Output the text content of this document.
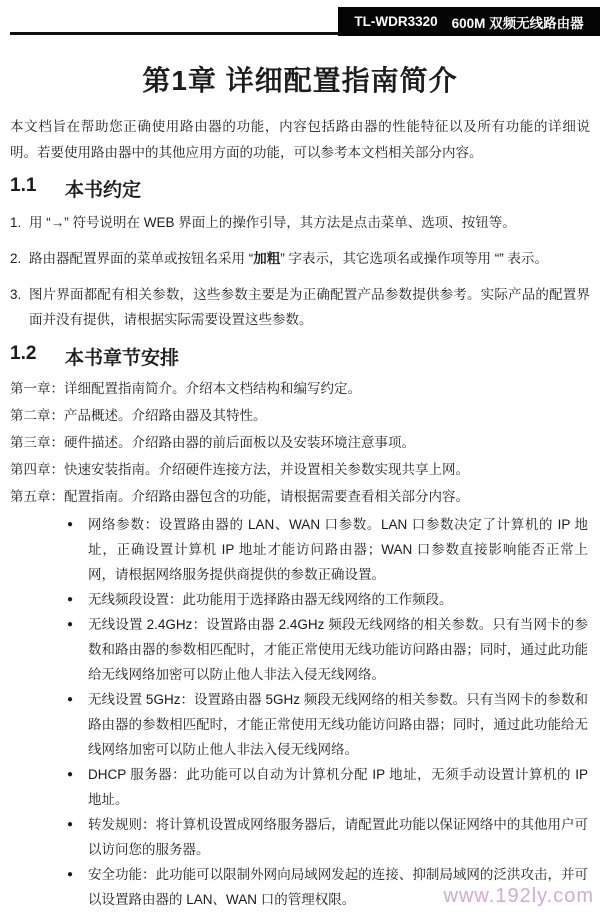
TL-WDR3320 600M 双频无线路由器
第1章 详细配置指南简介

本文档旨在帮助您正确使用路由器的功能，内容包括路由器的性能特征以及所有功能的详细说明。若要使用路由器中的其他应用方面的功能，可以参考本文档相关部分内容。

1.1	本书约定
1. 用 “→” 符号说明在 WEB 界面上的操作引导，其方法是点击菜单、选项、按钮等。
2. 路由器配置界面的菜单或按钮名采用 “加粗” 字表示，其它选项名或操作项等用 “” 表示。
3. 图片界面都配有相关参数，这些参数主要是为正确配置产品参数提供参考。实际产品的配置界面并没有提供，请根据实际需要设置这些参数。
1.2	本书章节安排

第一章：详细配置指南简介。介绍本文档结构和编写约定。

第二章：产品概述。介绍路由器及其特性。

第三章：硬件描述。介绍路由器的前后面板以及安装环境注意事项。

第四章：快速安装指南。介绍硬件连接方法，并设置相关参数实现共享上网。

第五章：配置指南。介绍路由器包含的功能，请根据需要查看相关部分内容。

● 网络参数：设置路由器的 LAN、WAN 口参数。LAN 口参数决定了计算机的 IP 地址，正确设置计算机 IP 地址才能访问路由器；WAN 口参数直接影响能否正常上网，请根据网络服务提供商提供的参数正确设置。
● 无线频段设置：此功能用于选择路由器无线网络的工作频段。
● 无线设置 2.4GHz：设置路由器 2.4GHz 频段无线网络的相关参数。只有当网卡的参数和路由器的参数相匹配时，才能正常使用无线功能访问路由器；同时，通过此功能给无线网络加密可以防止他人非法入侵无线网络。
● 无线设置 5GHz：设置路由器 5GHz 频段无线网络的相关参数。只有当网卡的参数和路由器的参数相匹配时，才能正常使用无线功能访问路由器；同时，通过此功能给无线网络加密可以防止他人非法入侵无线网络。
● DHCP 服务器：此功能可以自动为计算机分配 IP 地址，无须手动设置计算机的 IP 地址。
● 转发规则：将计算机设置成网络服务器后，请配置此功能以保证网络中的其他用户可以访问您的服务器。
● 安全功能：此功能可以限制外网向局域网发起的连接、抑制局域网的泛洪攻击，并可以设置路由器的 LAN、WAN 口的管理权限。	www.192ly.com
